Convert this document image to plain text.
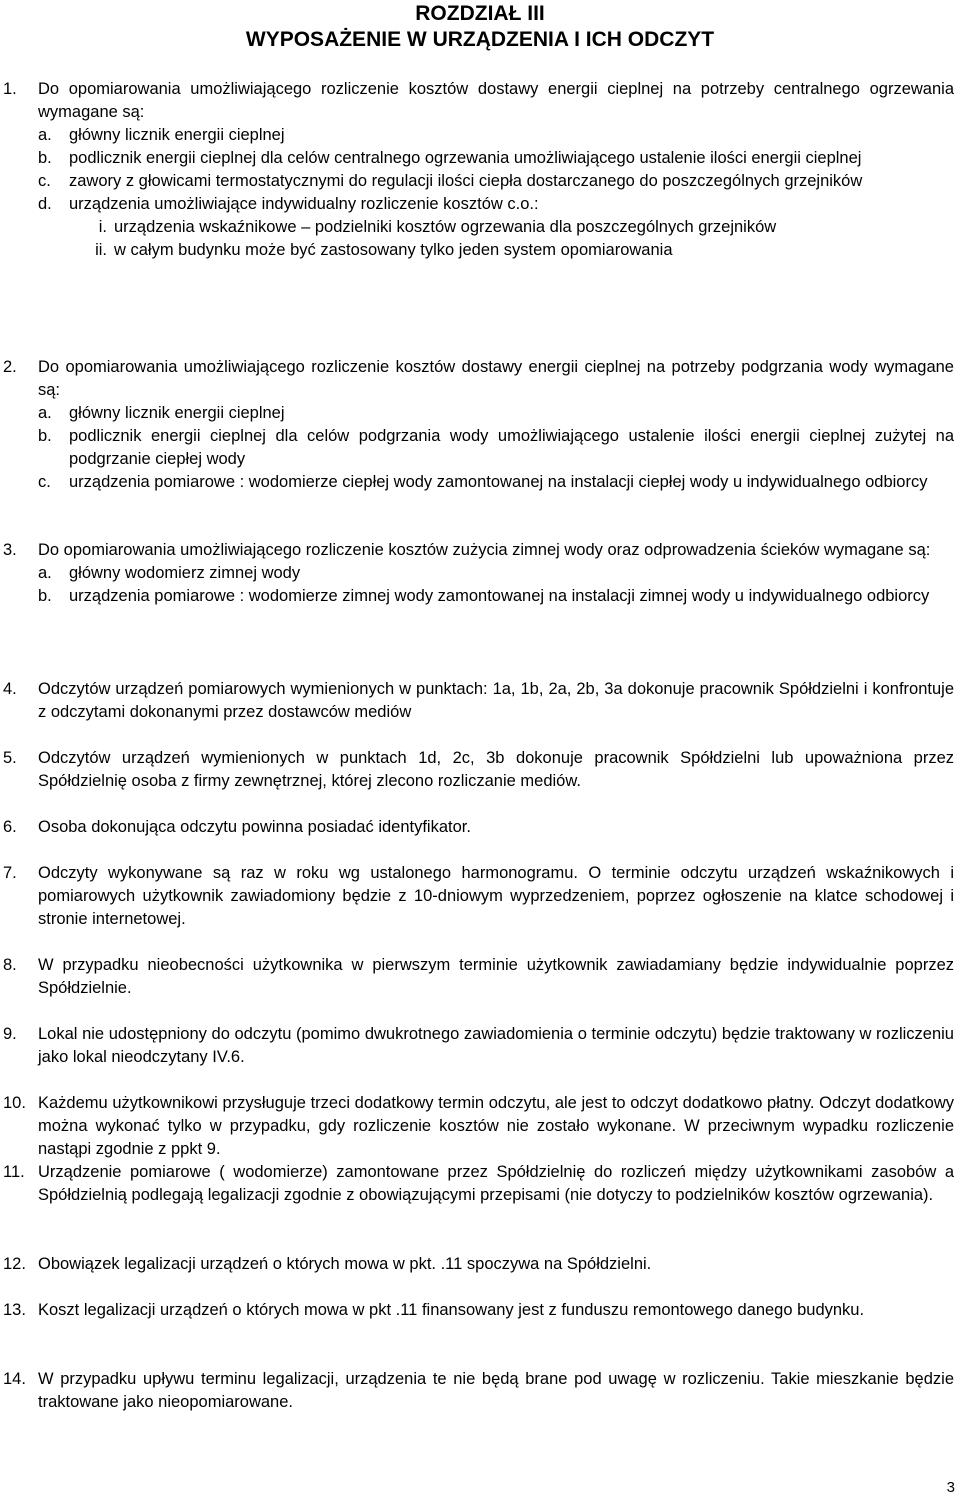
ROZDZIAŁ III
WYPOSAŻENIE W URZĄDZENIA I ICH ODCZYT
1. Do opomiarowania umożliwiającego rozliczenie kosztów dostawy energii cieplnej na potrzeby centralnego ogrzewania wymagane są:
a. główny licznik energii cieplnej
b. podlicznik energii cieplnej dla celów centralnego ogrzewania umożliwiającego ustalenie ilości energii cieplnej
c. zawory z głowicami termostatycznymi do regulacji ilości ciepła dostarczanego do poszczególnych grzejników
d. urządzenia umożliwiające indywidualny rozliczenie kosztów c.o.:
i. urządzenia wskaźnikowe – podzielniki kosztów ogrzewania dla poszczególnych grzejników
ii. w całym budynku może być zastosowany tylko jeden system opomiarowania
2. Do opomiarowania umożliwiającego rozliczenie kosztów dostawy energii cieplnej na potrzeby podgrzania wody wymagane są:
a. główny licznik energii cieplnej
b. podlicznik energii cieplnej dla celów podgrzania wody umożliwiającego ustalenie ilości energii cieplnej zużytej na podgrzanie ciepłej wody
c. urządzenia pomiarowe : wodomierze ciepłej wody zamontowanej na instalacji ciepłej wody u indywidualnego odbiorcy
3. Do opomiarowania umożliwiającego rozliczenie kosztów zużycia zimnej wody oraz odprowadzenia ścieków wymagane są:
a. główny wodomierz zimnej wody
b. urządzenia pomiarowe : wodomierze zimnej wody zamontowanej na instalacji zimnej wody u indywidualnego odbiorcy
4. Odczytów urządzeń pomiarowych wymienionych w punktach: 1a, 1b, 2a, 2b, 3a dokonuje pracownik Spółdzielni i konfrontuje z odczytami dokonanymi przez dostawców mediów
5. Odczytów urządzeń wymienionych w punktach 1d, 2c, 3b dokonuje pracownik Spółdzielni lub upoważniona przez Spółdzielnię osoba z firmy zewnętrznej, której zlecono rozliczanie mediów.
6. Osoba dokonująca odczytu powinna posiadać identyfikator.
7. Odczyty wykonywane są raz w roku wg ustalonego harmonogramu. O terminie odczytu urządzeń wskaźnikowych i pomiarowych użytkownik zawiadomiony będzie z 10-dniowym wyprzedzeniem, poprzez ogłoszenie na klatce schodowej i stronie internetowej.
8. W przypadku nieobecności użytkownika w pierwszym terminie użytkownik zawiadamiany będzie indywidualnie poprzez Spółdzielnie.
9. Lokal nie udostępniony do odczytu (pomimo dwukrotnego zawiadomienia o terminie odczytu) będzie traktowany w rozliczeniu jako lokal nieodczytany IV.6.
10. Każdemu użytkownikowi przysługuje trzeci dodatkowy termin odczytu, ale jest to odczyt dodatkowo płatny. Odczyt dodatkowy można wykonać tylko w przypadku, gdy rozliczenie kosztów nie zostało wykonane. W przeciwnym wypadku rozliczenie nastąpi zgodnie z ppkt 9.
11. Urządzenie pomiarowe ( wodomierze) zamontowane przez Spółdzielnię do rozliczeń między użytkownikami zasobów a Spółdzielnią podlegają legalizacji zgodnie z obowiązującymi przepisami (nie dotyczy to podzielników kosztów ogrzewania).
12. Obowiązek legalizacji urządzeń o których mowa w pkt. .11 spoczywa na Spółdzielni.
13. Koszt legalizacji urządzeń o których mowa w pkt .11 finansowany jest z funduszu remontowego danego budynku.
14. W przypadku upływu terminu legalizacji, urządzenia te nie będą brane pod uwagę w rozliczeniu. Takie mieszkanie będzie traktowane jako nieopomiarowane.
3
